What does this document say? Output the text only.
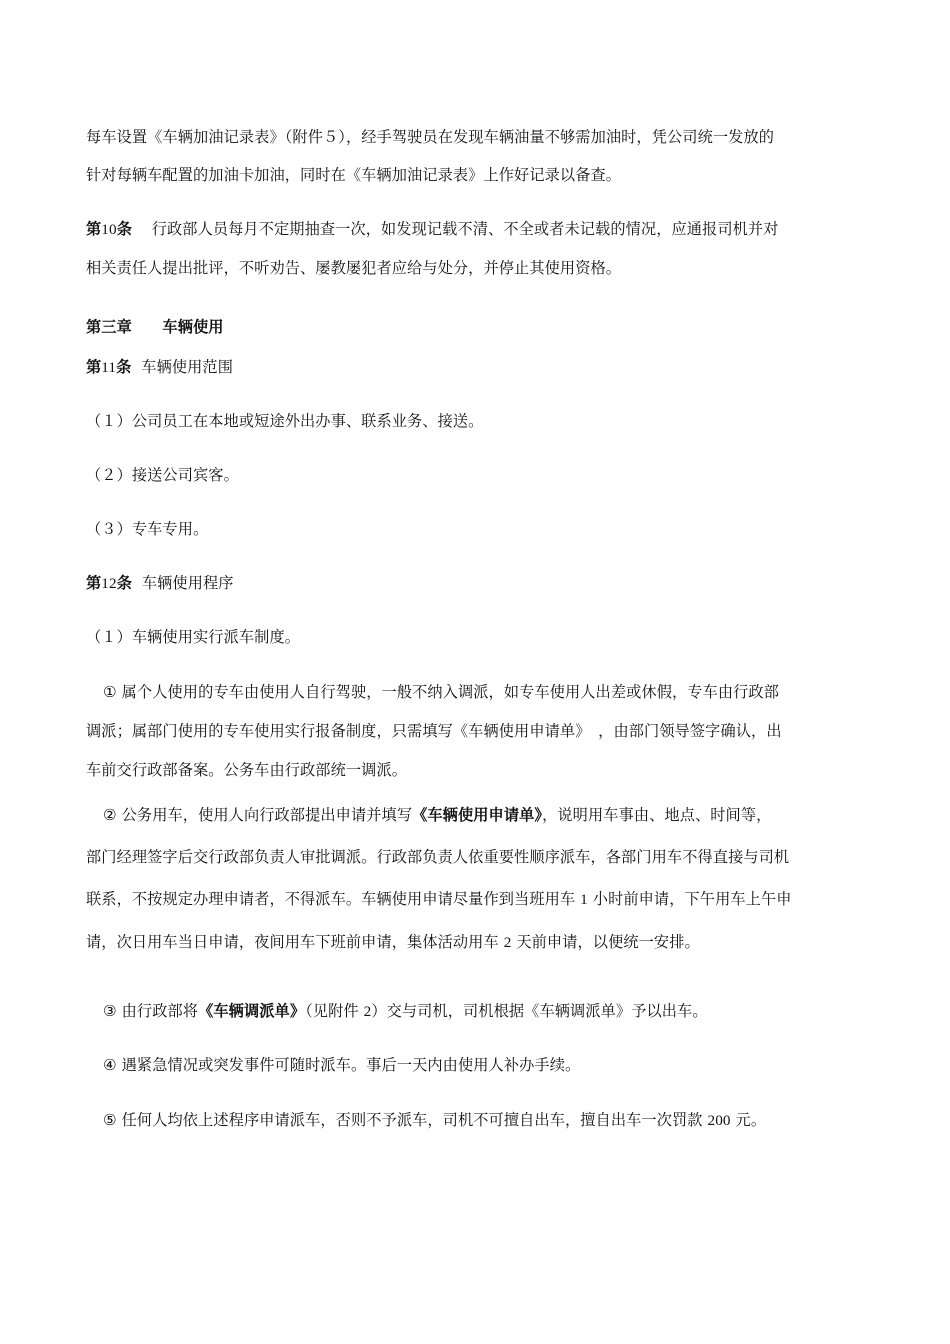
每车设置《车辆加油记录表》（附件５），经手驾驶员在发现车辆油量不够需加油时，凭公司统一发放的
针对每辆车配置的加油卡加油，同时在《车辆加油记录表》上作好记录以备查。
第10条 行政部人员每月不定期抽查一次，如发现记载不清、不全或者未记载的情况，应通报司机并对
相关责任人提出批评，不听劝告、屡教屡犯者应给与处分，并停止其使用资格。
第三章　　车辆使用
第11条 车辆使用范围
（１）公司员工在本地或短途外出办事、联系业务、接送。
（２）接送公司宾客。
（３）专车专用。
第12条 车辆使用程序
（１）车辆使用实行派车制度。
① 属个人使用的专车由使用人自行驾驶，一般不纳入调派，如专车使用人出差或休假，专车由行政部
调派；属部门使用的专车使用实行报备制度，只需填写《车辆使用申请单》　，由部门领导签字确认，出
车前交行政部备案。公务车由行政部统一调派。
② 公务用车，使用人向行政部提出申请并填写《车辆使用申请单》，说明用车事由、地点、时间等，
部门经理签字后交行政部负责人审批调派。行政部负责人依重要性顺序派车，各部门用车不得直接与司机
联系，不按规定办理申请者，不得派车。车辆使用申请尽量作到当班用车 1 小时前申请，下午用车上午申
请，次日用车当日申请，夜间用车下班前申请，集体活动用车 2 天前申请，以便统一安排。
③ 由行政部将《车辆调派单》（见附件 2）交与司机，司机根据《车辆调派单》予以出车。
④ 遇紧急情况或突发事件可随时派车。事后一天内由使用人补办手续。
⑤ 任何人均依上述程序申请派车，否则不予派车，司机不可擅自出车，擅自出车一次罚款 200 元。
